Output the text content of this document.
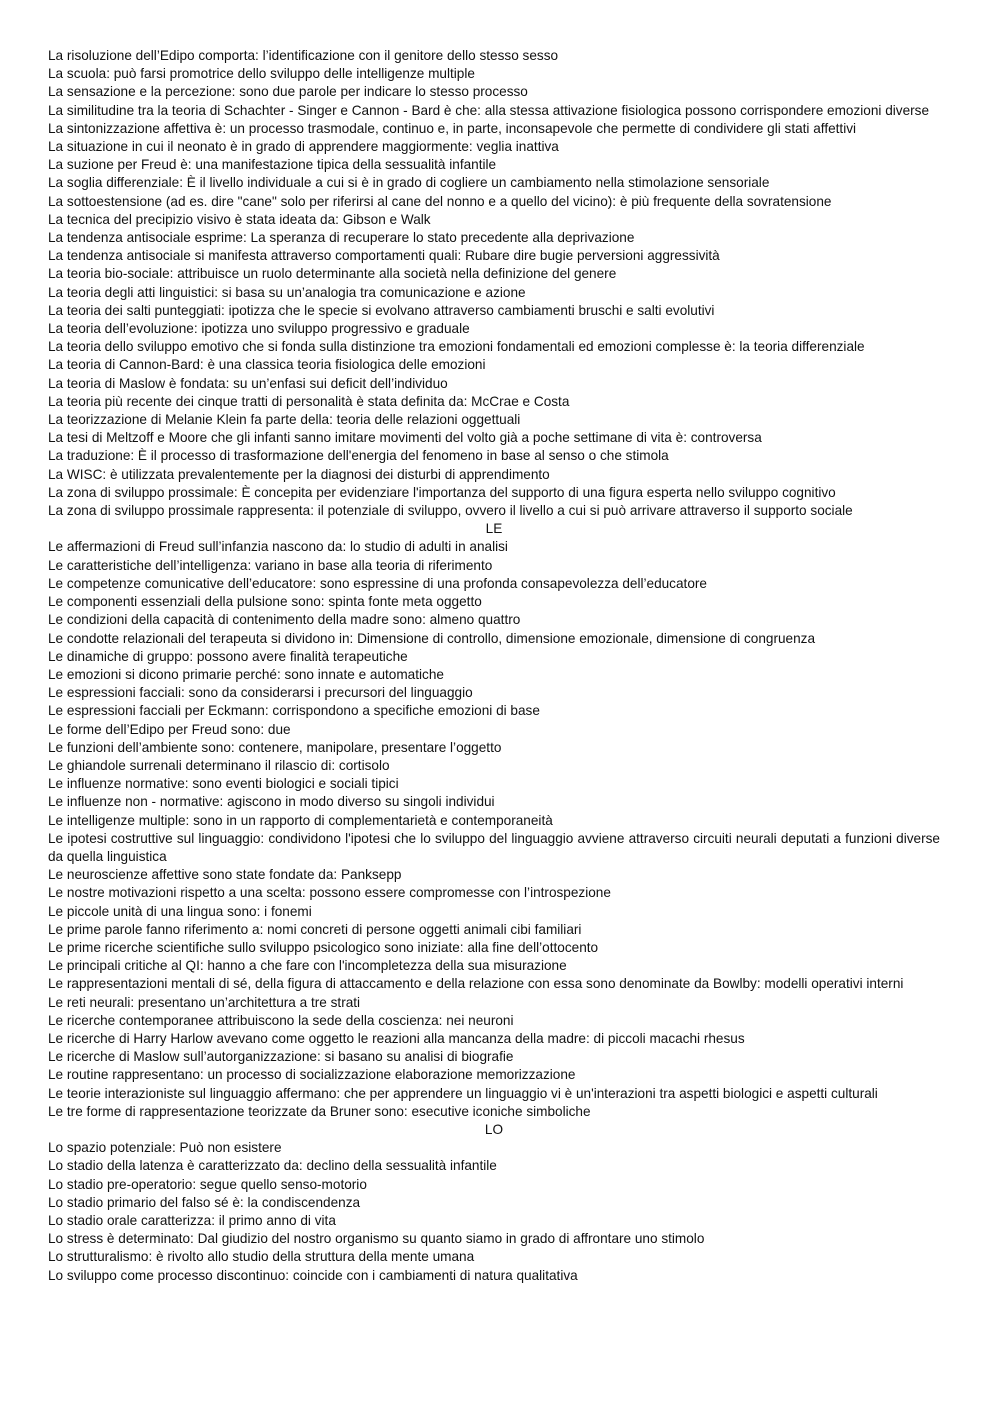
La risoluzione dell’Edipo comporta: l’identificazione con il genitore dello stesso sesso

La scuola: può farsi promotrice dello sviluppo delle intelligenze multiple

La sensazione e la percezione: sono due parole per indicare lo stesso processo

La similitudine tra la teoria di Schachter - Singer e Cannon - Bard è che: alla stessa attivazione fisiologica possono corrispondere emozioni diverse

La sintonizzazione affettiva è: un processo trasmodale, continuo e, in parte, inconsapevole che permette di condividere gli stati affettivi

La situazione in cui il neonato è in grado di apprendere maggiormente: veglia inattiva

La suzione per Freud è: una manifestazione tipica della sessualità infantile

La soglia differenziale: È il livello individuale a cui si è in grado di cogliere un cambiamento nella stimolazione sensoriale

La sottoestensione (ad es. dire "cane" solo per riferirsi al cane del nonno e a quello del vicino): è più frequente della sovratensione

La tecnica del precipizio visivo è stata ideata da: Gibson e Walk

La tendenza antisociale esprime: La speranza di recuperare lo stato precedente alla deprivazione

La tendenza antisociale si manifesta attraverso comportamenti quali: Rubare dire bugie perversioni aggressività

La teoria bio-sociale: attribuisce un ruolo determinante alla società nella definizione del genere

La teoria degli atti linguistici: si basa su un’analogia tra comunicazione e azione

La teoria dei salti punteggiati: ipotizza che le specie si evolvano attraverso cambiamenti bruschi e salti evolutivi

La teoria dell’evoluzione: ipotizza uno sviluppo progressivo e graduale

La teoria dello sviluppo emotivo che si fonda sulla distinzione tra emozioni fondamentali ed emozioni complesse è: la teoria differenziale

La teoria di Cannon-Bard: è una classica teoria fisiologica delle emozioni

La teoria di Maslow è fondata: su un’enfasi sui deficit dell’individuo

La teoria più recente dei cinque tratti di personalità è stata definita da: McCrae e Costa

La teorizzazione di Melanie Klein fa parte della: teoria delle relazioni oggettuali

La tesi di Meltzoff e Moore che gli infanti sanno imitare movimenti del volto già a poche settimane di vita è: controversa

La traduzione: È il processo di trasformazione dell'energia del fenomeno in base al senso o che stimola

La WISC: è utilizzata prevalentemente per la diagnosi dei disturbi di apprendimento

La zona di sviluppo prossimale: È concepita per evidenziare l'importanza del supporto di una figura esperta nello sviluppo cognitivo

La zona di sviluppo prossimale rappresenta: il potenziale di sviluppo, ovvero il livello a cui si può arrivare attraverso il supporto sociale

LE

Le affermazioni di Freud sull’infanzia nascono da: lo studio di adulti in analisi

Le caratteristiche dell’intelligenza: variano in base alla teoria di riferimento

Le competenze comunicative dell’educatore: sono espressine di una profonda consapevolezza dell’educatore

Le componenti essenziali della pulsione sono: spinta fonte meta oggetto

Le condizioni della capacità di contenimento della madre sono: almeno quattro

Le condotte relazionali del terapeuta si dividono in: Dimensione di controllo, dimensione emozionale, dimensione di congruenza

Le dinamiche di gruppo: possono avere finalità terapeutiche

Le emozioni si dicono primarie perché: sono innate e automatiche

Le espressioni facciali: sono da considerarsi i precursori del linguaggio

Le espressioni facciali per Eckmann: corrispondono a specifiche emozioni di base

Le forme dell’Edipo per Freud sono: due

Le funzioni dell’ambiente sono: contenere, manipolare, presentare l’oggetto

Le ghiandole surrenali determinano il rilascio di: cortisolo

Le influenze normative: sono eventi biologici e sociali tipici

Le influenze non - normative: agiscono in modo diverso su singoli individui

Le intelligenze multiple: sono in un rapporto di complementarietà e contemporaneità

Le ipotesi costruttive sul linguaggio: condividono l'ipotesi che lo sviluppo del linguaggio avviene attraverso circuiti neurali deputati a funzioni diverse da quella linguistica

Le neuroscienze affettive sono state fondate da: Panksepp

Le nostre motivazioni rispetto a una scelta: possono essere compromesse con l’introspezione

Le piccole unità di una lingua sono: i fonemi

Le prime parole fanno riferimento a: nomi concreti di persone oggetti animali cibi familiari

Le prime ricerche scientifiche sullo sviluppo psicologico sono iniziate: alla fine dell’ottocento

Le principali critiche al QI: hanno a che fare con l'incompletezza della sua misurazione

Le rappresentazioni mentali di sé, della figura di attaccamento e della relazione con essa sono denominate da Bowlby: modelli operativi interni

Le reti neurali: presentano un’architettura a tre strati

Le ricerche contemporanee attribuiscono la sede della coscienza: nei neuroni

Le ricerche di Harry Harlow avevano come oggetto le reazioni alla mancanza della madre: di piccoli macachi rhesus

Le ricerche di Maslow sull’autorganizzazione: si basano su analisi di biografie

Le routine rappresentano: un processo di socializzazione elaborazione memorizzazione

Le teorie interazioniste sul linguaggio affermano: che per apprendere un linguaggio vi è un'interazioni tra aspetti biologici e aspetti culturali

Le tre forme di rappresentazione teorizzate da Bruner sono: esecutive iconiche simboliche

LO

Lo spazio potenziale: Può non esistere

Lo stadio della latenza è caratterizzato da: declino della sessualità infantile

Lo stadio pre-operatorio: segue quello senso-motorio

Lo stadio primario del falso sé è: la condiscendenza

Lo stadio orale caratterizza: il primo anno di vita

Lo stress è determinato: Dal giudizio del nostro organismo su quanto siamo in grado di affrontare uno stimolo

Lo strutturalismo: è rivolto allo studio della struttura della mente umana

Lo sviluppo come processo discontinuo: coincide con i cambiamenti di natura qualitativa
